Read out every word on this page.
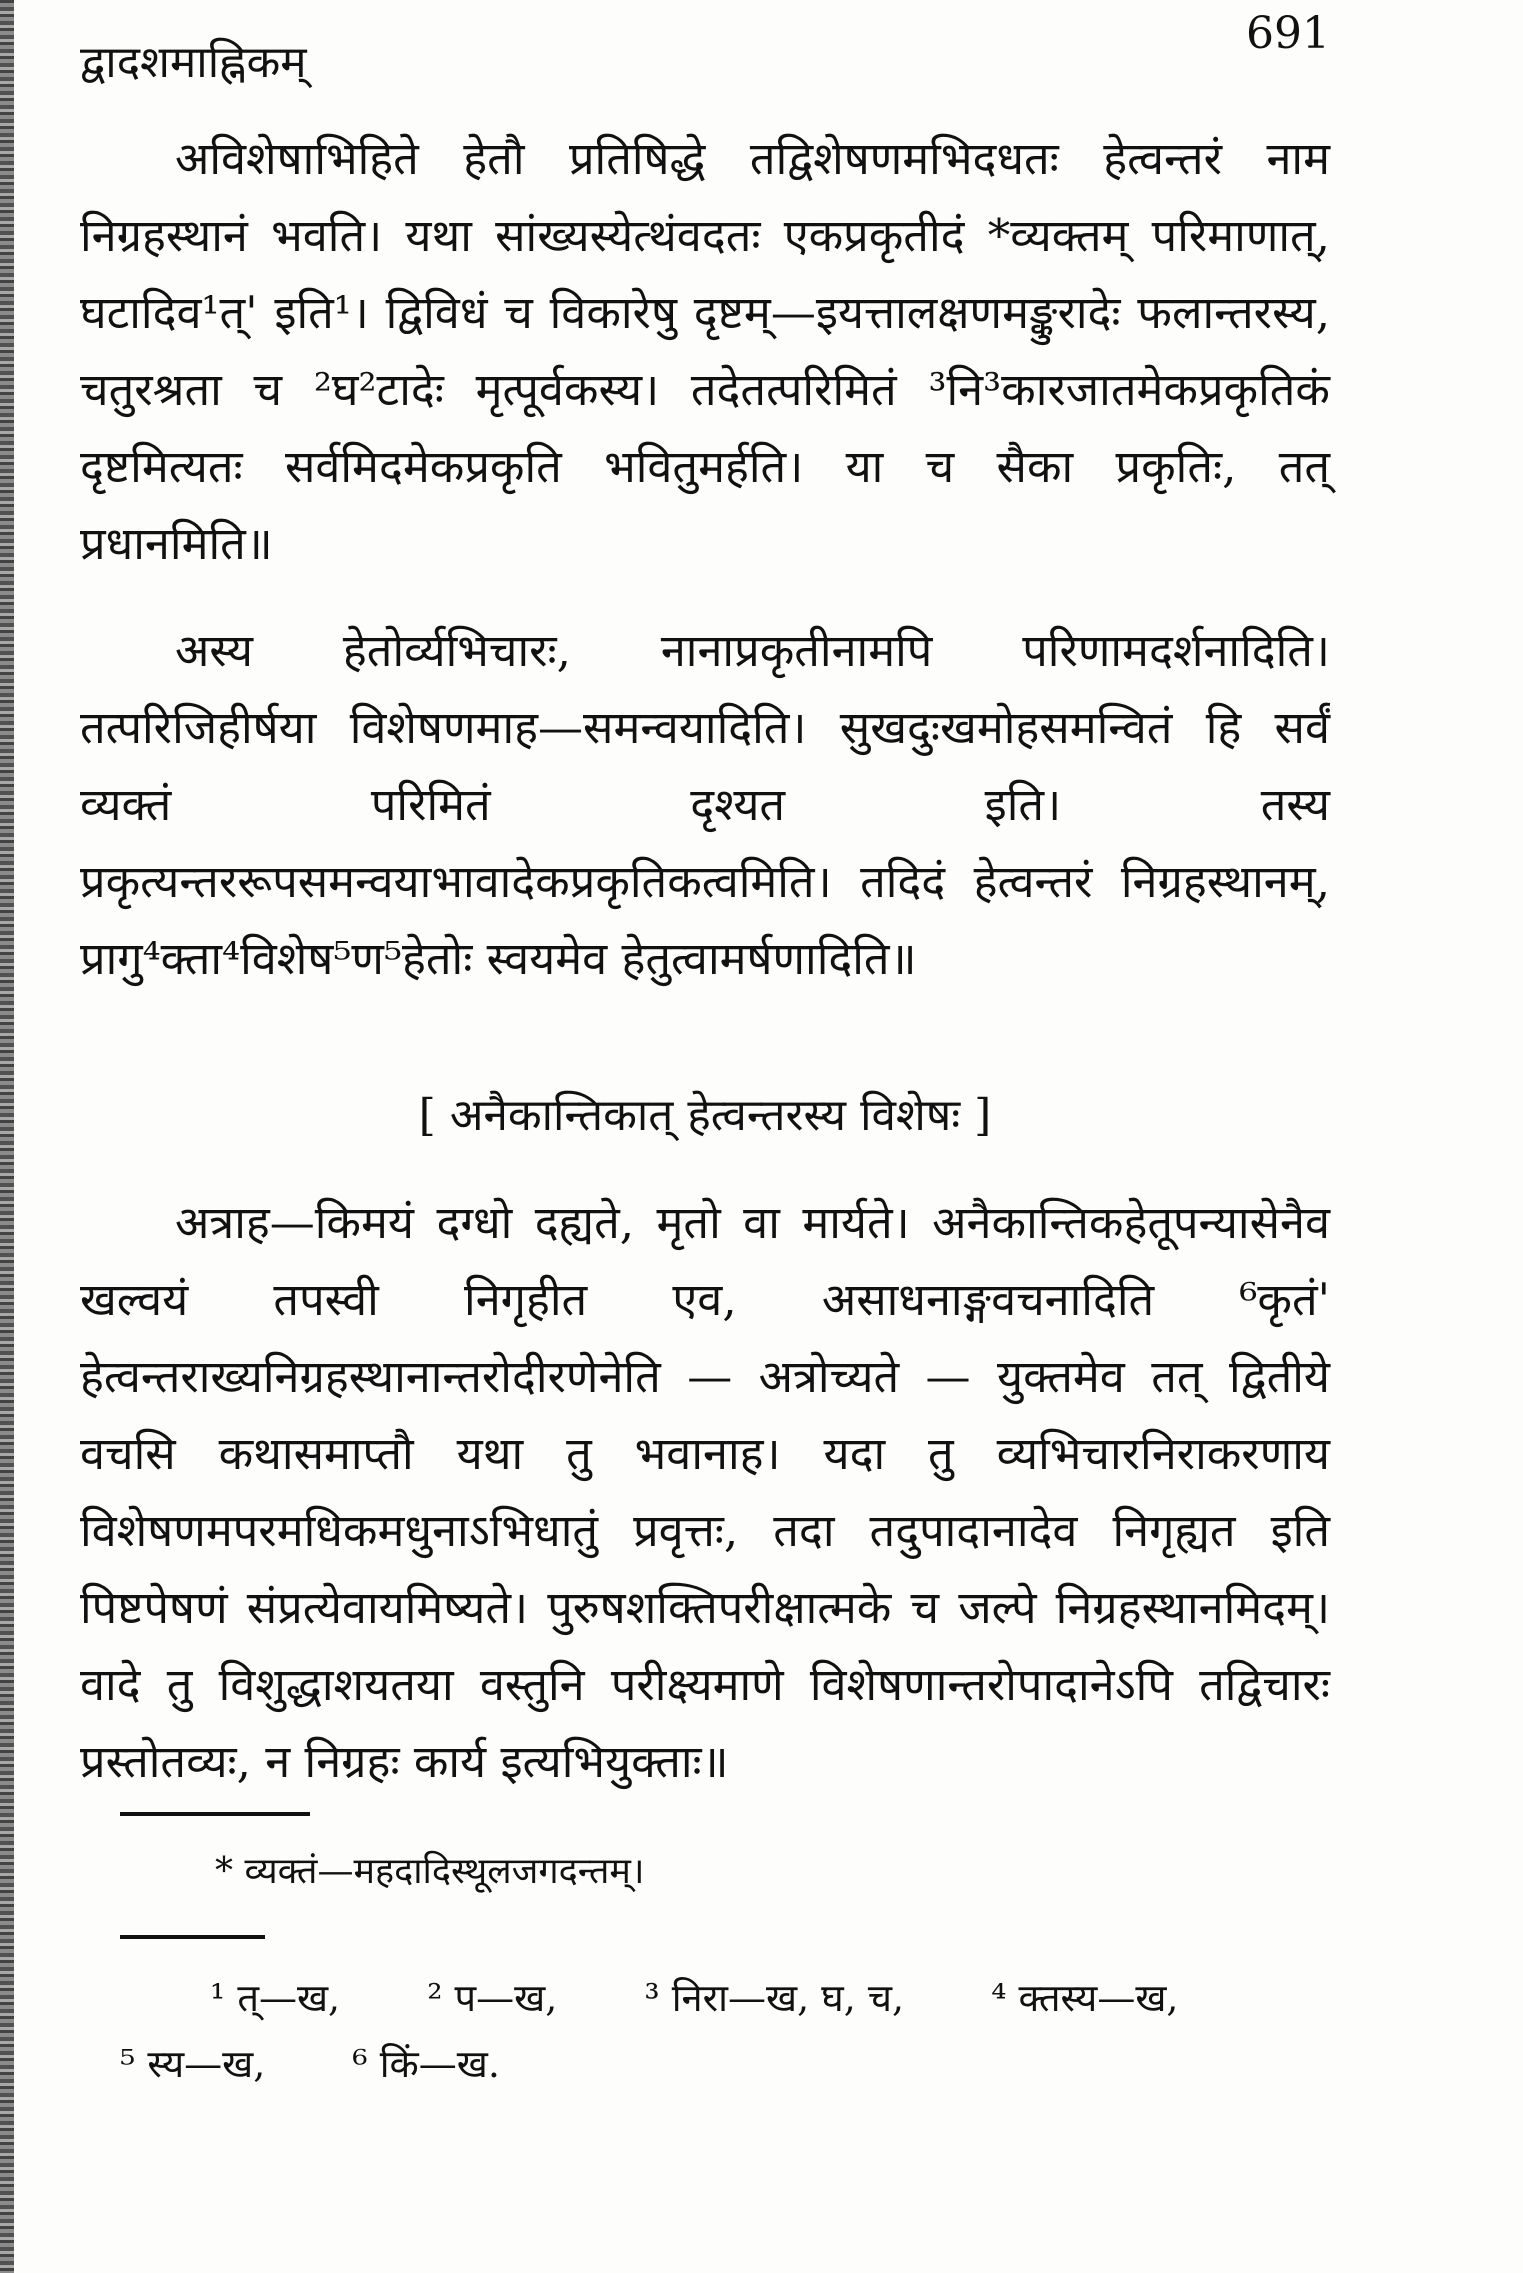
द्वादशमाह्निकम्
691

अविशेषाभिहिते हेतौ प्रतिषिद्धे तद्विशेषणमभिदधतः हेत्वन्तरं नाम निग्रहस्थानं भवति। यथा सांख्यस्येत्थंवदतः एकप्रकृतीदं *व्यक्तम् परिमाणात्, घटादिव¹त्' इति¹। द्विविधं च विकारेषु दृष्टम्—इयत्तालक्षणमङ्कुरादेः फलान्तरस्य, चतुरश्रता च ²घ²टादेः मृत्पूर्वकस्य। तदेतत्परिमितं ³नि³कारजातमेकप्रकृतिकं दृष्टमित्यतः सर्वमिदमेकप्रकृति भवितुमर्हति। या च सैका प्रकृतिः, तत् प्रधानमिति॥

अस्य हेतोर्व्यभिचारः, नानाप्रकृतीनामपि परिणामदर्शनादिति। तत्परिजिहीर्षया विशेषणमाह—समन्वयादिति। सुखदुःखमोहसमन्वितं हि सर्वं व्यक्तं परिमितं दृश्यत इति। तस्य प्रकृत्यन्तररूपसमन्वयाभावादेकप्रकृतिकत्वमिति। तदिदं हेत्वन्तरं निग्रहस्थानम्, प्रागु⁴क्ता⁴विशेष⁵ण⁵हेतोः स्वयमेव हेतुत्वामर्षणादिति॥

[ अनैकान्तिकात् हेत्वन्तरस्य विशेषः ]

अत्राह—किमयं दग्धो दह्यते, मृतो वा मार्यते। अनैकान्तिकहेतूपन्यासेनैव खल्वयं तपस्वी निगृहीत एव, असाधनाङ्गवचनादिति ⁶कृतं' हेत्वन्तराख्यनिग्रहस्थानान्तरोदीरणेनेति — अत्रोच्यते — युक्तमेव तत् द्वितीये वचसि कथासमाप्तौ यथा तु भवानाह। यदा तु व्यभिचारनिराकरणाय विशेषणमपरमधिकमधुनाऽभिधातुं प्रवृत्तः, तदा तदुपादानादेव निगृह्यत इति पिष्टपेषणं संप्रत्येवायमिष्यते। पुरुषशक्तिपरीक्षात्मके च जल्पे निग्रहस्थानमिदम्। वादे तु विशुद्धाशयतया वस्तुनि परीक्ष्यमाणे विशेषणान्तरोपादानेऽपि तद्विचारः प्रस्तोतव्यः, न निग्रहः कार्य इत्यभियुक्ताः॥

* व्यक्तं—महदादिस्थूलजगदन्तम्।
¹ त्—ख, ² प—ख, ³ निरा—ख, घ, च, ⁴ क्तस्य—ख,
⁵ स्य—ख, ⁶ किं—ख.
